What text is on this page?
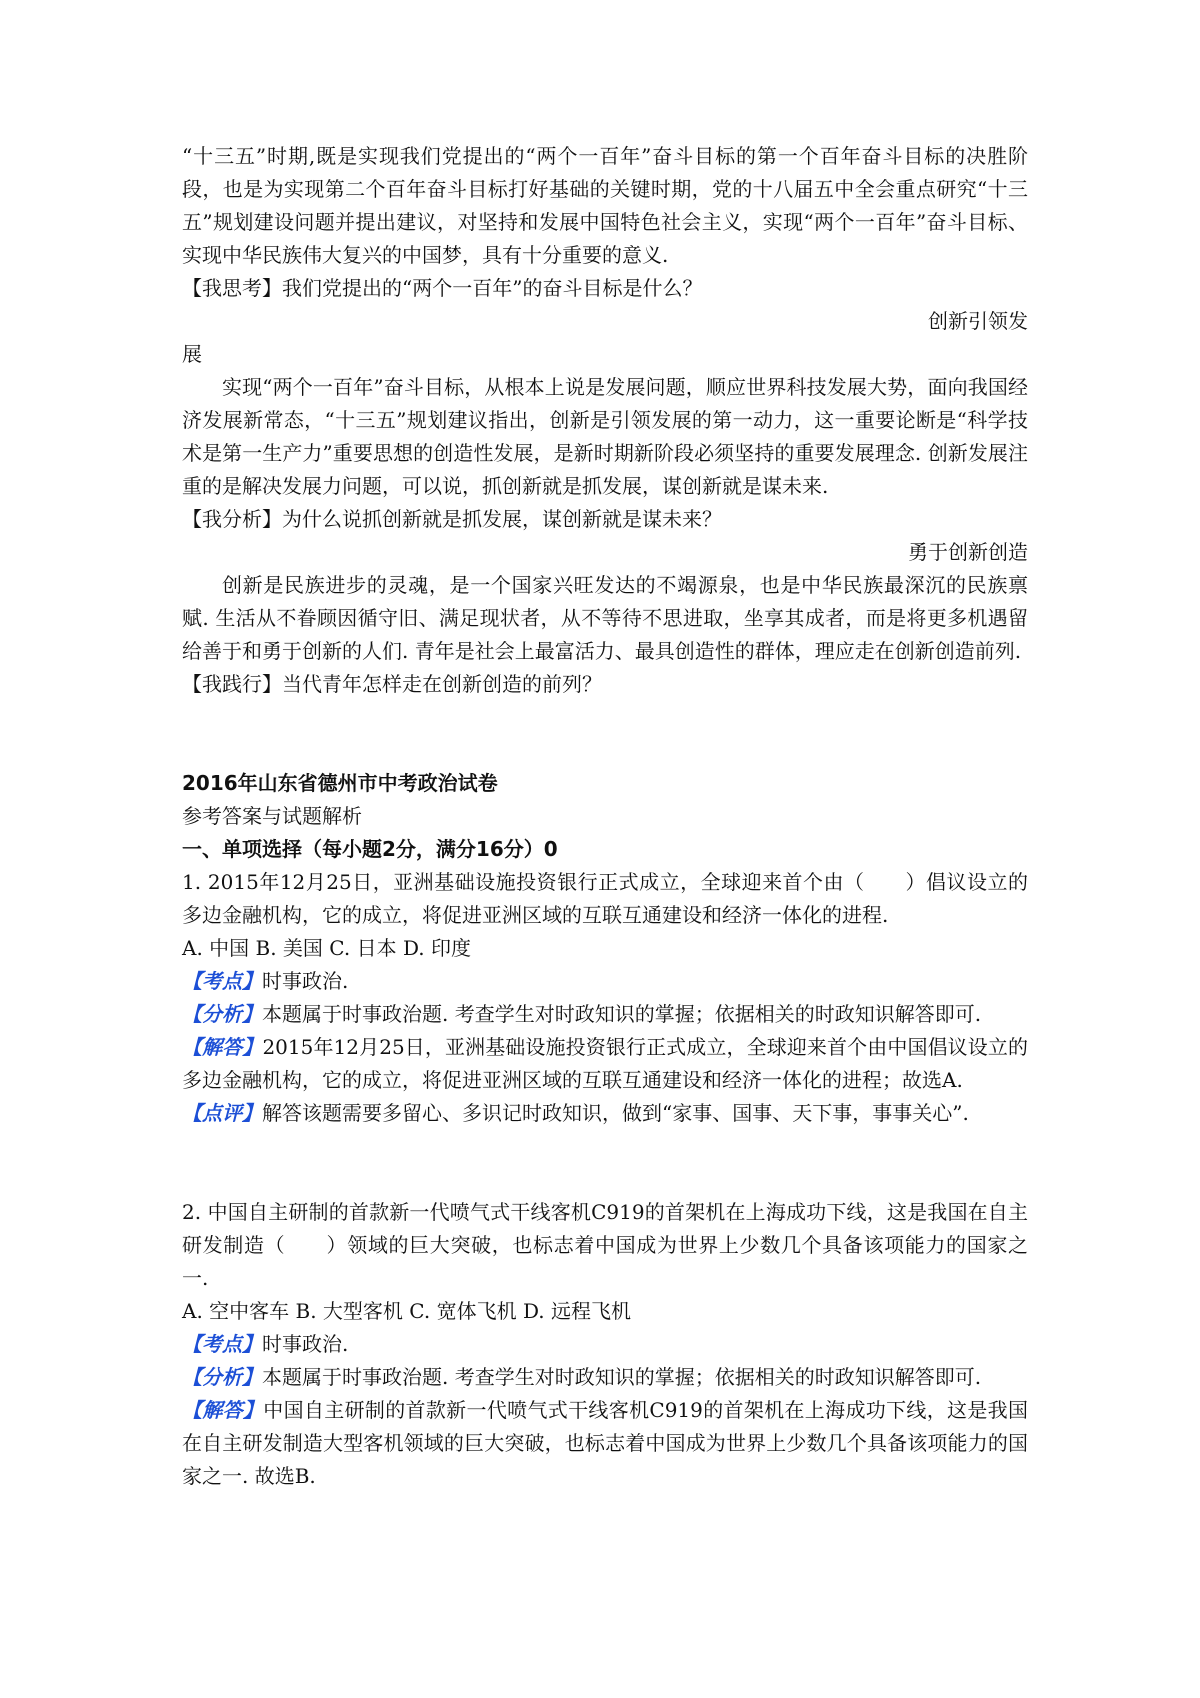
“十三五”时期,既是实现我们党提出的“两个一百年”奋斗目标的第一个百年奋斗目标的决胜阶段，也是为实现第二个百年奋斗目标打好基础的关键时期，党的十八届五中全会重点研究“十三五”规划建设问题并提出建议，对坚持和发展中国特色社会主义，实现“两个一百年”奋斗目标、实现中华民族伟大复兴的中国梦，具有十分重要的意义.

【我思考】我们党提出的“两个一百年”的奋斗目标是什么？

创新引领发

展

实现“两个一百年”奋斗目标，从根本上说是发展问题，顺应世界科技发展大势，面向我国经济发展新常态，“十三五”规划建议指出，创新是引领发展的第一动力，这一重要论断是“科学技术是第一生产力”重要思想的创造性发展，是新时期新阶段必须坚持的重要发展理念. 创新发展注重的是解决发展力问题，可以说，抓创新就是抓发展，谋创新就是谋未来.

【我分析】为什么说抓创新就是抓发展，谋创新就是谋未来？

勇于创新创造

创新是民族进步的灵魂，是一个国家兴旺发达的不竭源泉，也是中华民族最深沉的民族禀赋. 生活从不眷顾因循守旧、满足现状者，从不等待不思进取，坐享其成者，而是将更多机遇留给善于和勇于创新的人们. 青年是社会上最富活力、最具创造性的群体，理应走在创新创造前列.

【我践行】当代青年怎样走在创新创造的前列？

2016年山东省德州市中考政治试卷

参考答案与试题解析

一、单项选择（每小题2分，满分16分）0

1. 2015年12月25日，亚洲基础设施投资银行正式成立，全球迎来首个由（　　）倡议设立的多边金融机构，它的成立，将促进亚洲区域的互联互通建设和经济一体化的进程.

A. 中国 B. 美国 C. 日本 D. 印度

【考点】时事政治.

【分析】本题属于时事政治题. 考查学生对时政知识的掌握；依据相关的时政知识解答即可.

【解答】2015年12月25日，亚洲基础设施投资银行正式成立，全球迎来首个由中国倡议设立的多边金融机构，它的成立，将促进亚洲区域的互联互通建设和经济一体化的进程；故选A.

【点评】解答该题需要多留心、多识记时政知识，做到“家事、国事、天下事，事事关心”.

2. 中国自主研制的首款新一代喷气式干线客机C919的首架机在上海成功下线，这是我国在自主研发制造（　　）领域的巨大突破，也标志着中国成为世界上少数几个具备该项能力的国家之一.

A. 空中客车 B. 大型客机 C. 宽体飞机 D. 远程飞机

【考点】时事政治.

【分析】本题属于时事政治题. 考查学生对时政知识的掌握；依据相关的时政知识解答即可.

【解答】中国自主研制的首款新一代喷气式干线客机C919的首架机在上海成功下线，这是我国在自主研发制造大型客机领域的巨大突破，也标志着中国成为世界上少数几个具备该项能力的国家之一. 故选B.
